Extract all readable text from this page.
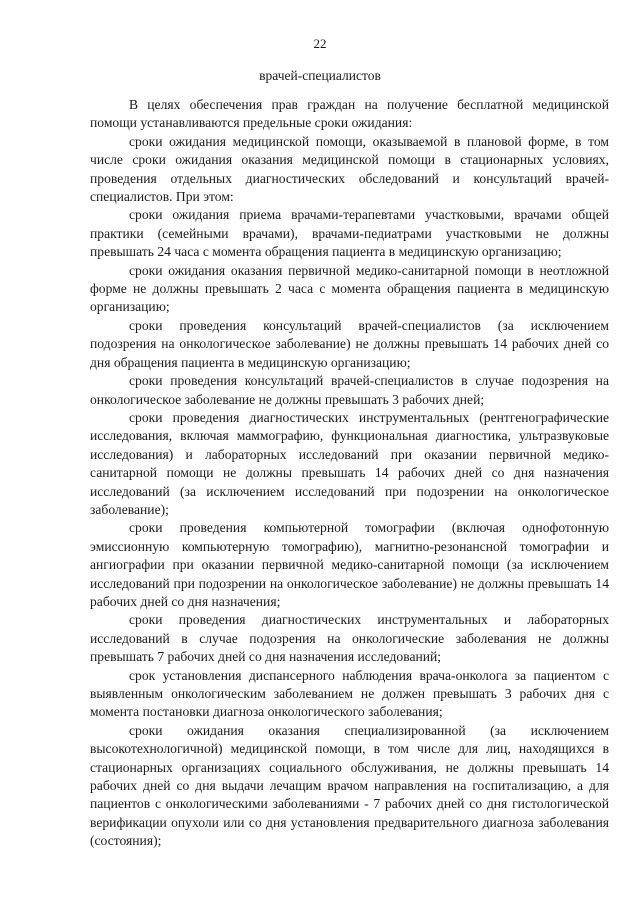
22
врачей-специалистов

В целях обеспечения прав граждан на получение бесплатной медицинской помощи устанавливаются предельные сроки ожидания:

сроки ожидания медицинской помощи, оказываемой в плановой форме, в том числе сроки ожидания оказания медицинской помощи в стационарных условиях, проведения отдельных диагностических обследований и консультаций врачей-специалистов. При этом:

сроки ожидания приема врачами-терапевтами участковыми, врачами общей практики (семейными врачами), врачами-педиатрами участковыми не должны превышать 24 часа с момента обращения пациента в медицинскую организацию;

сроки ожидания оказания первичной медико-санитарной помощи в неотложной форме не должны превышать 2 часа с момента обращения пациента в медицинскую организацию;

сроки проведения консультаций врачей-специалистов (за исключением подозрения на онкологическое заболевание) не должны превышать 14 рабочих дней со дня обращения пациента в медицинскую организацию;

сроки проведения консультаций врачей-специалистов в случае подозрения на онкологическое заболевание не должны превышать 3 рабочих дней;

сроки проведения диагностических инструментальных (рентгенографические исследования, включая маммографию, функциональная диагностика, ультразвуковые исследования) и лабораторных исследований при оказании первичной медико-санитарной помощи не должны превышать 14 рабочих дней со дня назначения исследований (за исключением исследований при подозрении на онкологическое заболевание);

сроки проведения компьютерной томографии (включая однофотонную эмиссионную компьютерную томографию), магнитно-резонансной томографии и ангиографии при оказании первичной медико-санитарной помощи (за исключением исследований при подозрении на онкологическое заболевание) не должны превышать 14 рабочих дней со дня назначения;

сроки проведения диагностических инструментальных и лабораторных исследований в случае подозрения на онкологические заболевания не должны превышать 7 рабочих дней со дня назначения исследований;

срок установления диспансерного наблюдения врача-онколога за пациентом с выявленным онкологическим заболеванием не должен превышать 3 рабочих дня с момента постановки диагноза онкологического заболевания;

сроки ожидания оказания специализированной (за исключением высокотехнологичной) медицинской помощи, в том числе для лиц, находящихся в стационарных организациях социального обслуживания, не должны превышать 14 рабочих дней со дня выдачи лечащим врачом направления на госпитализацию, а для пациентов с онкологическими заболеваниями - 7 рабочих дней со дня гистологической верификации опухоли или со дня установления предварительного диагноза заболевания (состояния);
